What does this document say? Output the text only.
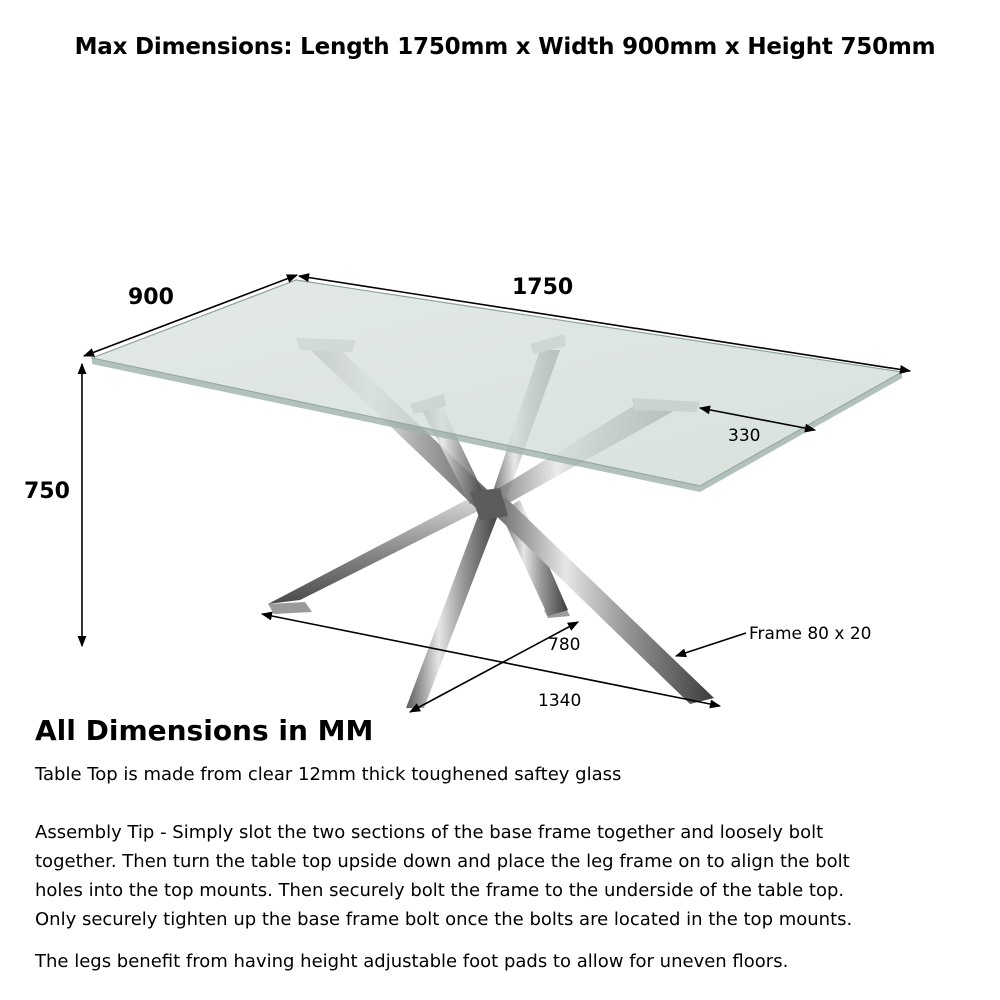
Max Dimensions: Length 1750mm x Width 900mm x Height 750mm
900	1750
750
330
780
1340
Frame 80 x 20
All Dimensions in MM
Table Top is made from clear 12mm thick toughened saftey glass
Assembly Tip - Simply slot the two sections of the base frame together and loosely bolt
together. Then turn the table top upside down and place the leg frame on to align the bolt
holes into the top mounts. Then securely bolt the frame to the underside of the table top.
Only securely tighten up the base frame bolt once the bolts are located in the top mounts.
The legs benefit from having height adjustable foot pads to allow for uneven floors.
